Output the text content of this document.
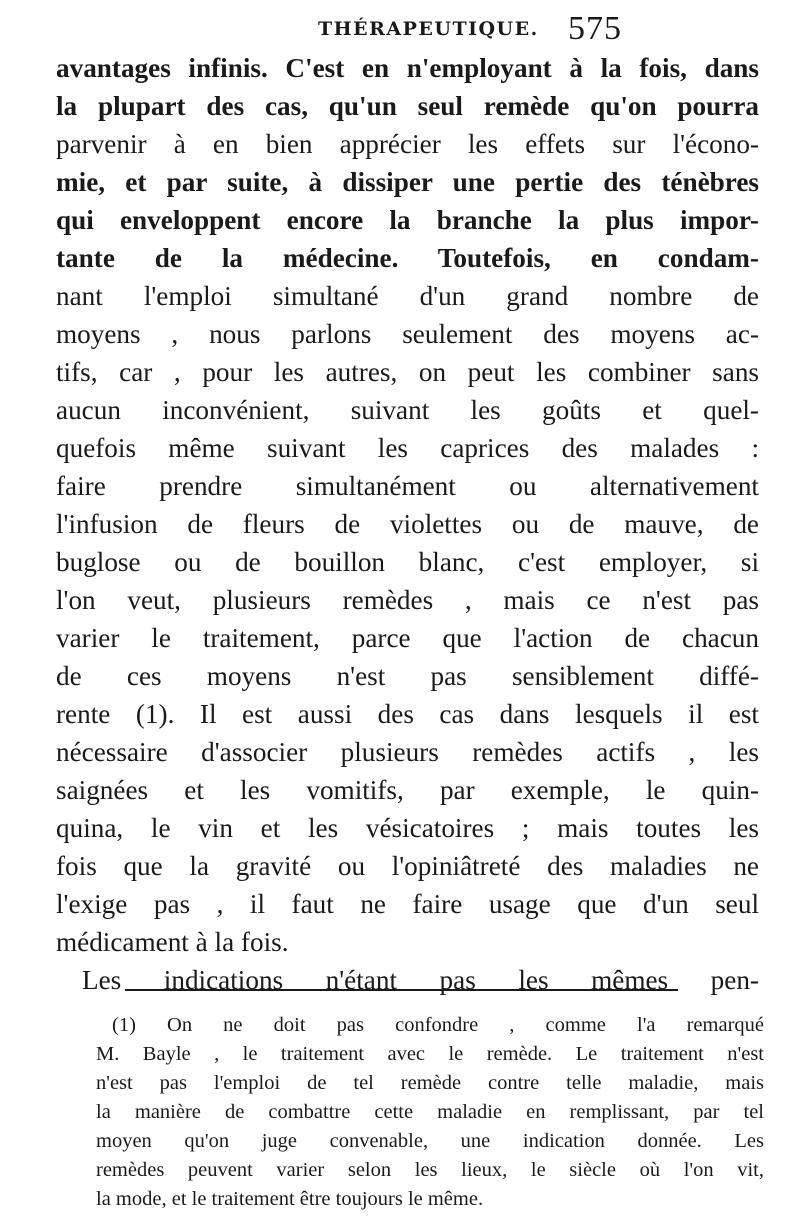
THÉRAPEUTIQUE. 575
avantages infinis. C'est en n'employant à la fois, dans
la plupart des cas, qu'un seul remède qu'on pourra
parvenir à en bien apprécier les effets sur l'écono-
mie, et par suite, à dissiper une pertie des ténèbres
qui enveloppent encore la branche la plus impor-
tante de la médecine. Toutefois, en condam-
nant l'emploi simultané d'un grand nombre de
moyens , nous parlons seulement des moyens ac-
tifs, car , pour les autres, on peut les combiner sans
aucun inconvénient, suivant les goûts et quel-
quefois même suivant les caprices des malades :
faire prendre simultanément ou alternativement
l'infusion de fleurs de violettes ou de mauve, de
buglose ou de bouillon blanc, c'est employer, si
l'on veut, plusieurs remèdes , mais ce n'est pas
varier le traitement, parce que l'action de chacun
de ces moyens n'est pas sensiblement diffé-
rente (1). Il est aussi des cas dans lesquels il est
nécessaire d'associer plusieurs remèdes actifs , les
saignées et les vomitifs, par exemple, le quin-
quina, le vin et les vésicatoires ; mais toutes les
fois que la gravité ou l'opiniâtreté des maladies ne
l'exige pas , il faut ne faire usage que d'un seul
médicament à la fois.
Les indications n'étant pas les mêmes pen-
(1) On ne doit pas confondre , comme l'a remarqué
M. Bayle , le traitement avec le remède. Le traitement n'est
n'est pas l'emploi de tel remède contre telle maladie, mais
la manière de combattre cette maladie en remplissant, par tel
moyen qu'on juge convenable, une indication donnée. Les
remèdes peuvent varier selon les lieux, le siècle où l'on vit,
la mode, et le traitement être toujours le même.
